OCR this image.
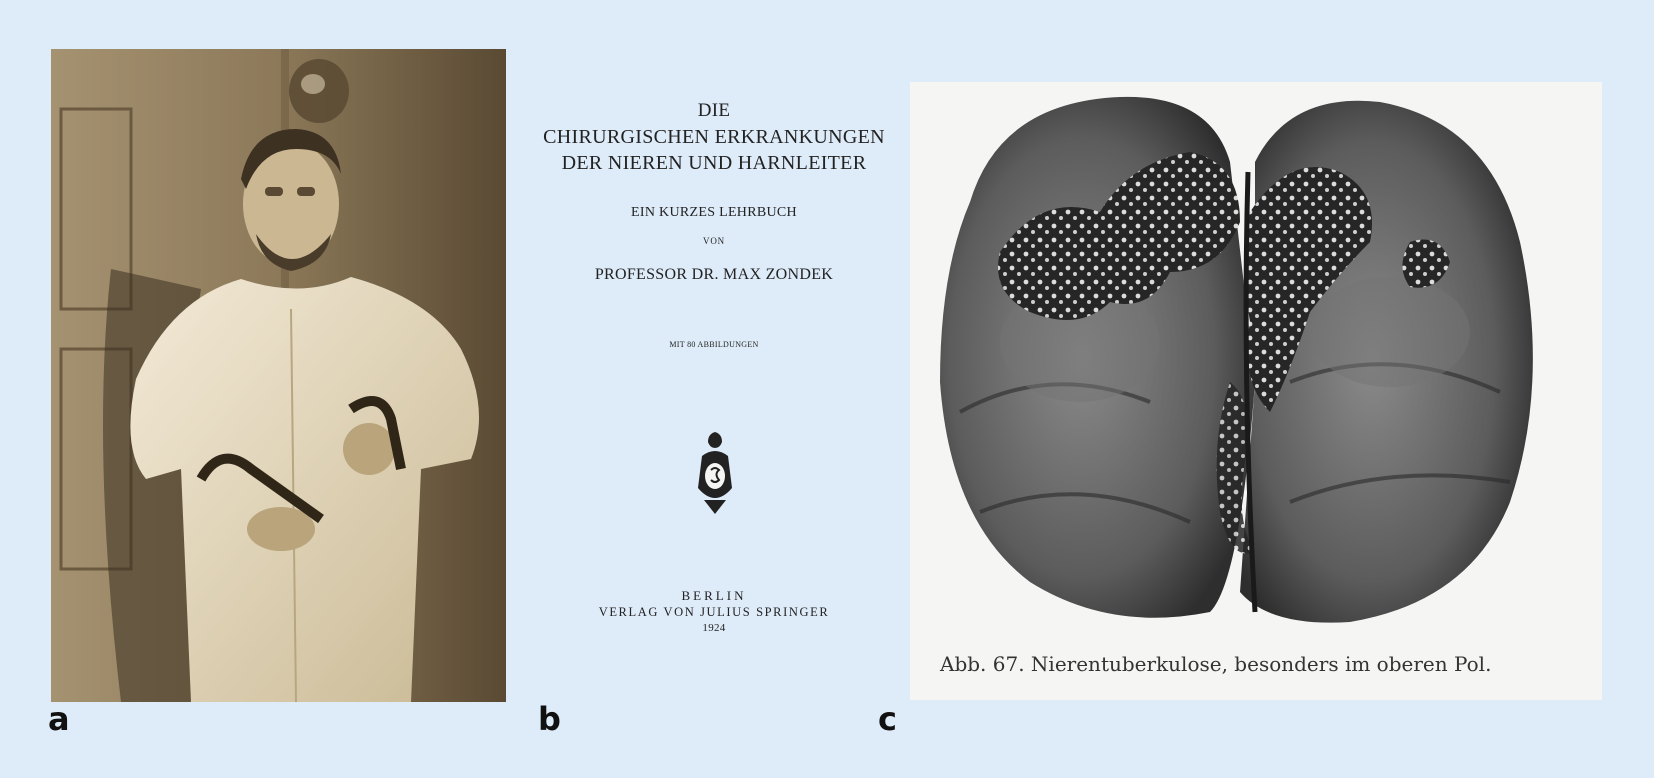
DIE
CHIRURGISCHEN ERKRANKUNGEN
DER NIEREN UND HARNLEITER
EIN KURZES LEHRBUCH
VON
PROFESSOR DR. MAX ZONDEK
MIT 80 ABBILDUNGEN
BERLIN
VERLAG VON JULIUS SPRINGER
1924
Abb. 67. Nierentuberkulose, besonders im oberen Pol.
a	b	c
